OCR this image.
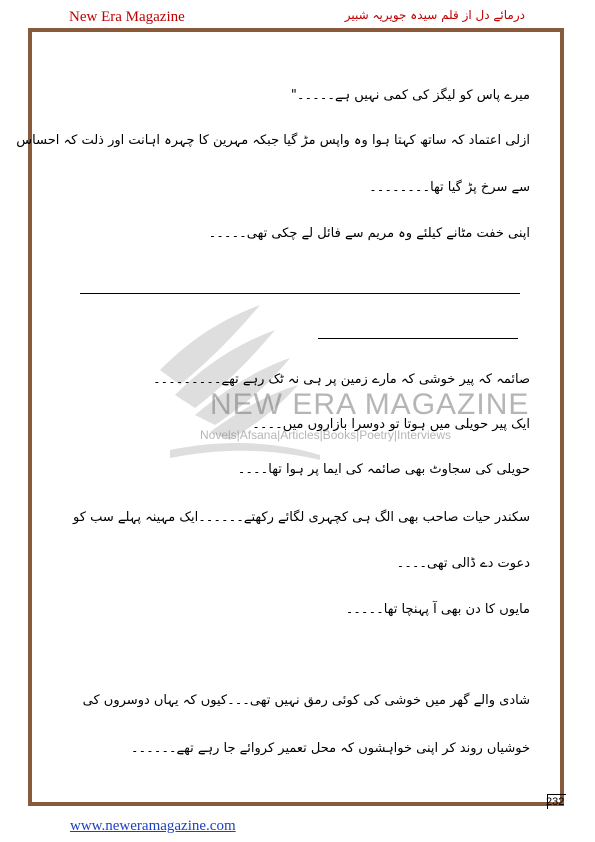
New Era Magazine	درمائے دل از قلم سیدہ جویریہ شبیر
NEW ERA MAGAZINE
Novels|Afsana|Articles|Books|Poetry|Interviews
میرے پاس کو لیگز کی کمی نہیں ہے۔۔۔۔۔"
ازلی اعتماد کہ ساتھ کہتا ہوا وہ واپس مڑ گیا جبکہ مہرین کا چہرہ اہانت اور ذلت کہ احساس
سے سرخ پڑ گیا تھا۔۔۔۔۔۔۔۔
اپنی خفت مٹانے کیلئے وہ مریم سے فائل لے چکی تھی۔۔۔۔۔
صائمہ کہ پیر خوشی کہ مارے زمین پر ہی نہ ٹک رہے تھے۔۔۔۔۔۔۔۔۔
ایک پیر حویلی میں ہوتا تو دوسرا بازاروں میں۔۔۔۔
حویلی کی سجاوٹ بھی صائمہ کی ایما پر ہوا تھا۔۔۔۔
سکندر حیات صاحب بھی الگ ہی کچہری لگائے رکھتے۔۔۔۔۔۔ایک مہینہ پہلے سب کو
دعوت دے ڈالی تھی۔۔۔۔
مایوں کا دن بھی آ پہنچا تھا۔۔۔۔۔
شادی والے گھر میں خوشی کی کوئی رمق نہیں تھی۔۔۔کیوں کہ یہاں دوسروں کی
خوشیاں روند کر اپنی خواہشوں کہ محل تعمیر کروائے جا رہے تھے۔۔۔۔۔۔
232
www.neweramagazine.com
